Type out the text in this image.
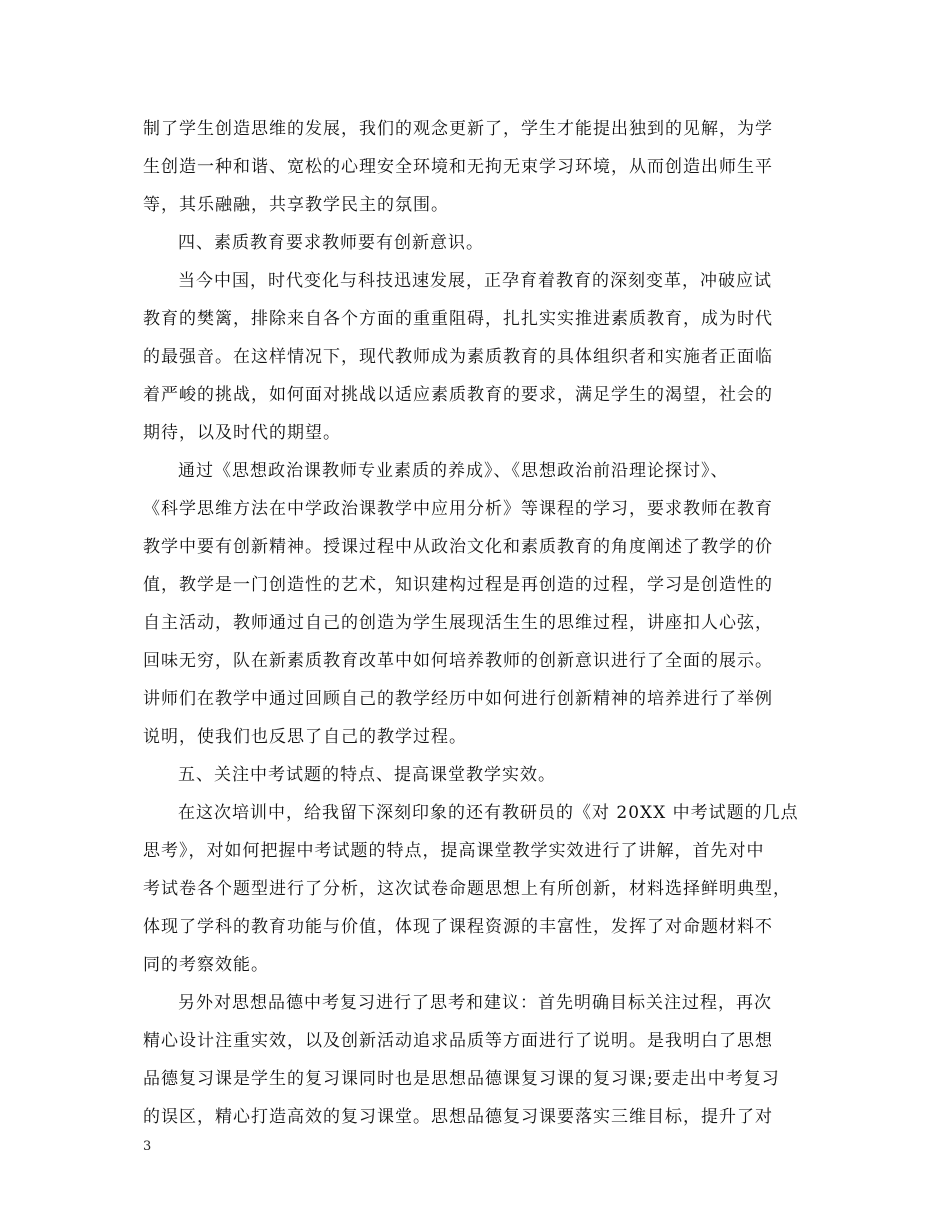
制了学生创造思维的发展，我们的观念更新了，学生才能提出独到的见解，为学
生创造一种和谐、宽松的心理安全环境和无拘无束学习环境，从而创造出师生平
等，其乐融融，共享教学民主的氛围。
四、素质教育要求教师要有创新意识。
当今中国，时代变化与科技迅速发展，正孕育着教育的深刻变革，冲破应试
教育的樊篱，排除来自各个方面的重重阻碍，扎扎实实推进素质教育，成为时代
的最强音。在这样情况下，现代教师成为素质教育的具体组织者和实施者正面临
着严峻的挑战，如何面对挑战以适应素质教育的要求，满足学生的渴望，社会的
期待，以及时代的期望。
通过《思想政治课教师专业素质的养成》、《思想政治前沿理论探讨》、
《科学思维方法在中学政治课教学中应用分析》等课程的学习，要求教师在教育
教学中要有创新精神。授课过程中从政治文化和素质教育的角度阐述了教学的价
值，教学是一门创造性的艺术，知识建构过程是再创造的过程，学习是创造性的
自主活动，教师通过自己的创造为学生展现活生生的思维过程，讲座扣人心弦，
回味无穷，队在新素质教育改革中如何培养教师的创新意识进行了全面的展示。
讲师们在教学中通过回顾自己的教学经历中如何进行创新精神的培养进行了举例
说明，使我们也反思了自己的教学过程。
五、关注中考试题的特点、提高课堂教学实效。
在这次培训中，给我留下深刻印象的还有教研员的《对 20XX 中考试题的几点
思考》，对如何把握中考试题的特点，提高课堂教学实效进行了讲解，首先对中
考试卷各个题型进行了分析，这次试卷命题思想上有所创新，材料选择鲜明典型，
体现了学科的教育功能与价值，体现了课程资源的丰富性，发挥了对命题材料不
同的考察效能。
另外对思想品德中考复习进行了思考和建议：首先明确目标关注过程，再次
精心设计注重实效，以及创新活动追求品质等方面进行了说明。是我明白了思想
品德复习课是学生的复习课同时也是思想品德课复习课的复习课;要走出中考复习
的误区，精心打造高效的复习课堂。思想品德复习课要落实三维目标，提升了对
3
